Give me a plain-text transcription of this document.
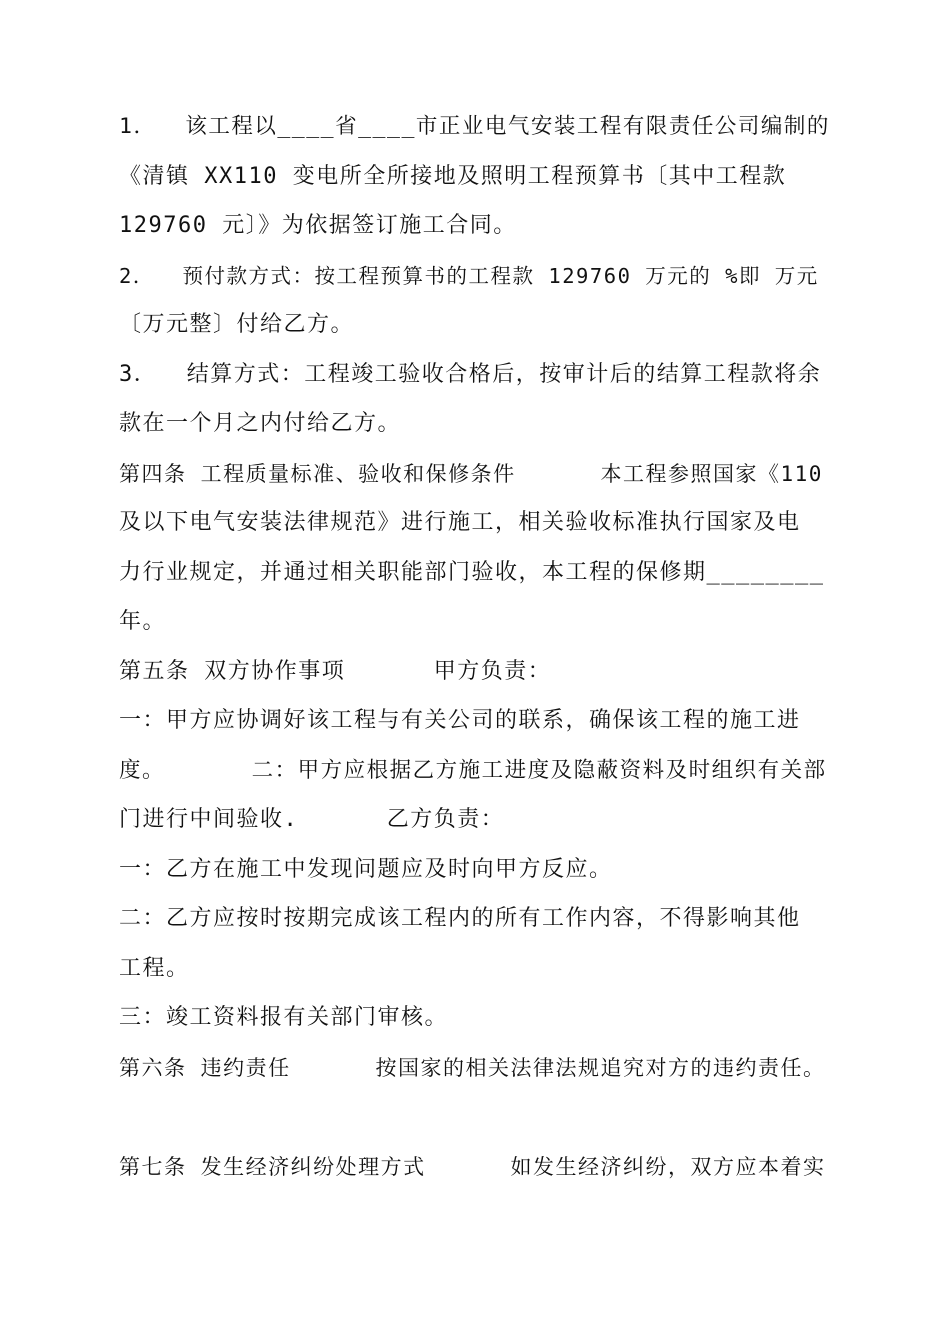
1．  该工程以____省____市正业电气安装工程有限责任公司编制的
《清镇 XX110 变电所全所接地及照明工程预算书〔其中工程款
129760 元〕》为依据签订施工合同。
2．  预付款方式：按工程预算书的工程款 129760 万元的 %即 万元
〔万元整〕付给乙方。
3．  结算方式：工程竣工验收合格后，按审计后的结算工程款将余
款在一个月之内付给乙方。
第四条 工程质量标准、验收和保修条件      本工程参照国家《110
及以下电气安装法律规范》进行施工，相关验收标准执行国家及电
力行业规定，并通过相关职能部门验收，本工程的保修期________
年。
第五条 双方协作事项      甲方负责：
一：甲方应协调好该工程与有关公司的联系，确保该工程的施工进
度。      二：甲方应根据乙方施工进度及隐蔽资料及时组织有关部
门进行中间验收.      乙方负责：
一：乙方在施工中发现问题应及时向甲方反应。
二：乙方应按时按期完成该工程内的所有工作内容，不得影响其他
工程。
三：竣工资料报有关部门审核。
第六条 违约责任      按国家的相关法律法规追究对方的违约责任。
第七条 发生经济纠纷处理方式      如发生经济纠纷，双方应本着实
